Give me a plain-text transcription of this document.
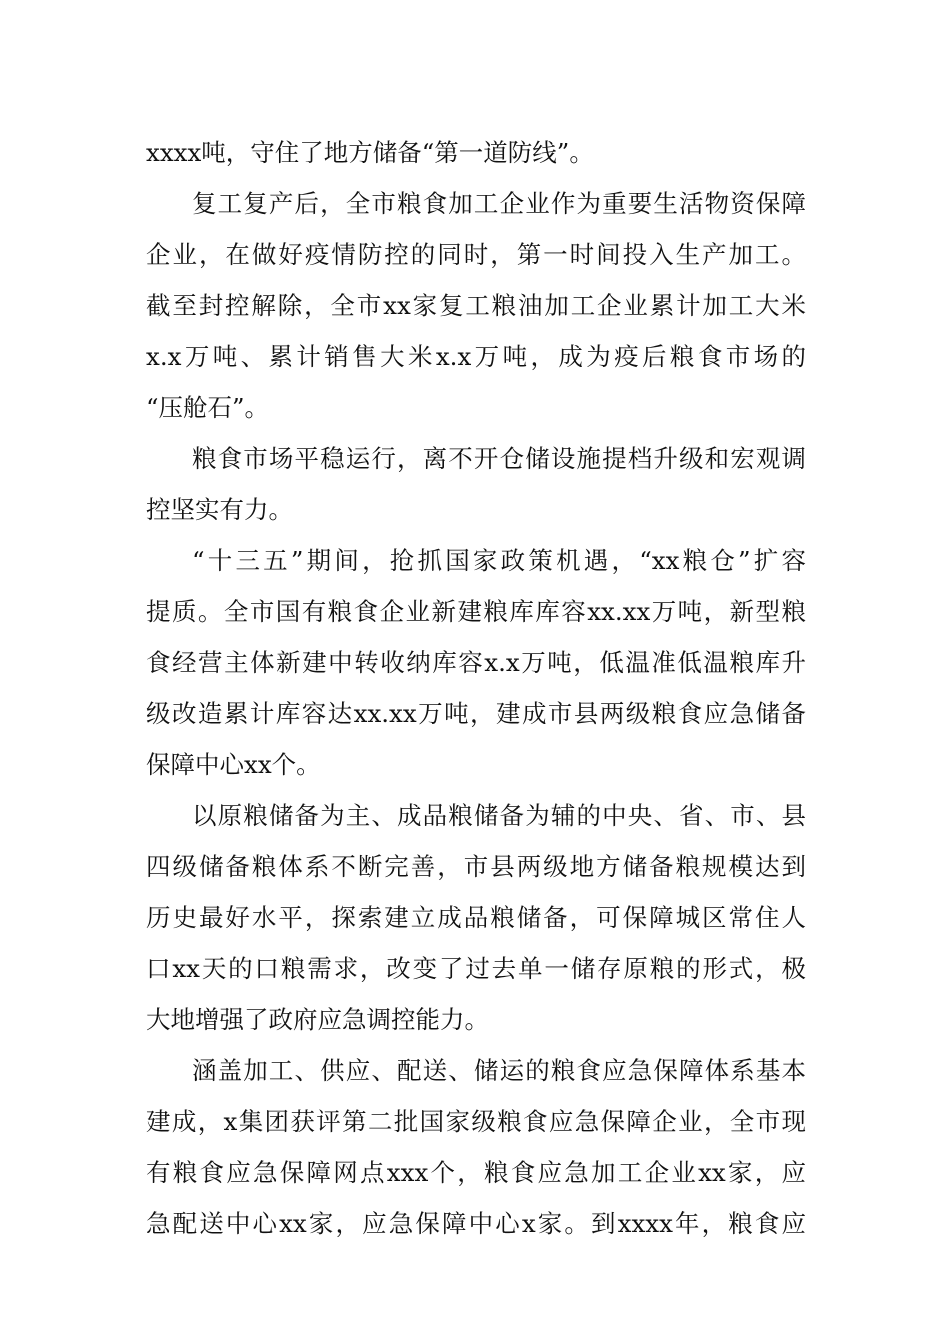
xxxx吨，守住了地方储备“第一道防线”。
复工复产后，全市粮食加工企业作为重要生活物资保障
企业，在做好疫情防控的同时，第一时间投入生产加工。
截至封控解除，全市xx家复工粮油加工企业累计加工大米
x.x万吨、累计销售大米x.x万吨，成为疫后粮食市场的
“压舱石”。
粮食市场平稳运行，离不开仓储设施提档升级和宏观调
控坚实有力。
“十三五”期间，抢抓国家政策机遇，“xx粮仓”扩容
提质。全市国有粮食企业新建粮库库容xx.xx万吨，新型粮
食经营主体新建中转收纳库容x.x万吨，低温准低温粮库升
级改造累计库容达xx.xx万吨，建成市县两级粮食应急储备
保障中心xx个。
以原粮储备为主、成品粮储备为辅的中央、省、市、县
四级储备粮体系不断完善，市县两级地方储备粮规模达到
历史最好水平，探索建立成品粮储备，可保障城区常住人
口xx天的口粮需求，改变了过去单一储存原粮的形式，极
大地增强了政府应急调控能力。
涵盖加工、供应、配送、储运的粮食应急保障体系基本
建成，x集团获评第二批国家级粮食应急保障企业，全市现
有粮食应急保障网点xxx个，粮食应急加工企业xx家，应
急配送中心xx家，应急保障中心x家。到xxxx年，粮食应
